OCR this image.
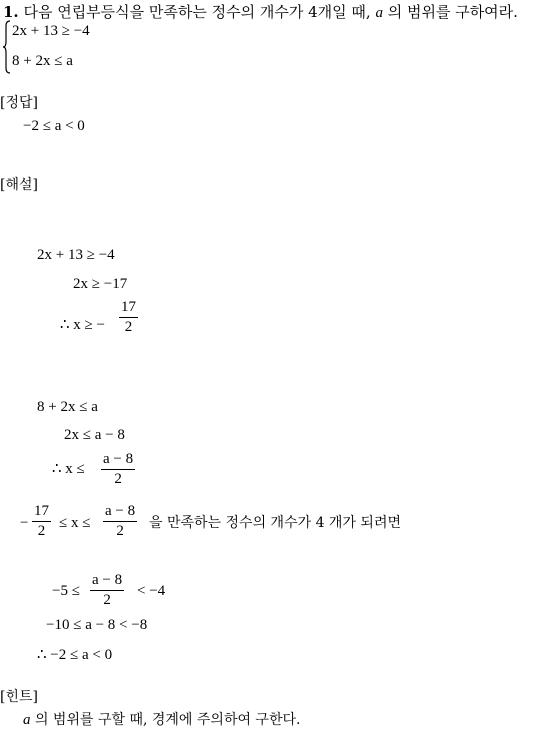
1. 다음 연립부등식을 만족하는 정수의 개수가 4개일 때, a 의 범위를 구하여라.
2x + 13 ≥ −4
8 + 2x ≤ a
[정답]
−2 ≤ a < 0
[해설]
2x + 13 ≥ −4
2x ≥ −17
∴ x ≥ − $\frac{17}{2}$
8 + 2x ≤ a
2x ≤ a − 8
∴ $x \le \frac{a - 8}{2}$
− $\frac{17}{2} \le x \le \frac{a - 8}{2}$ 을 만족하는 정수의 개수가 4 개가 되려면
$-5 \le \frac{a - 8}{2} < -4$
−10 ≤ a − 8 < −8
∴ −2 ≤ a < 0
[힌트]
a 의 범위를 구할 때, 경계에 주의하여 구한다.
